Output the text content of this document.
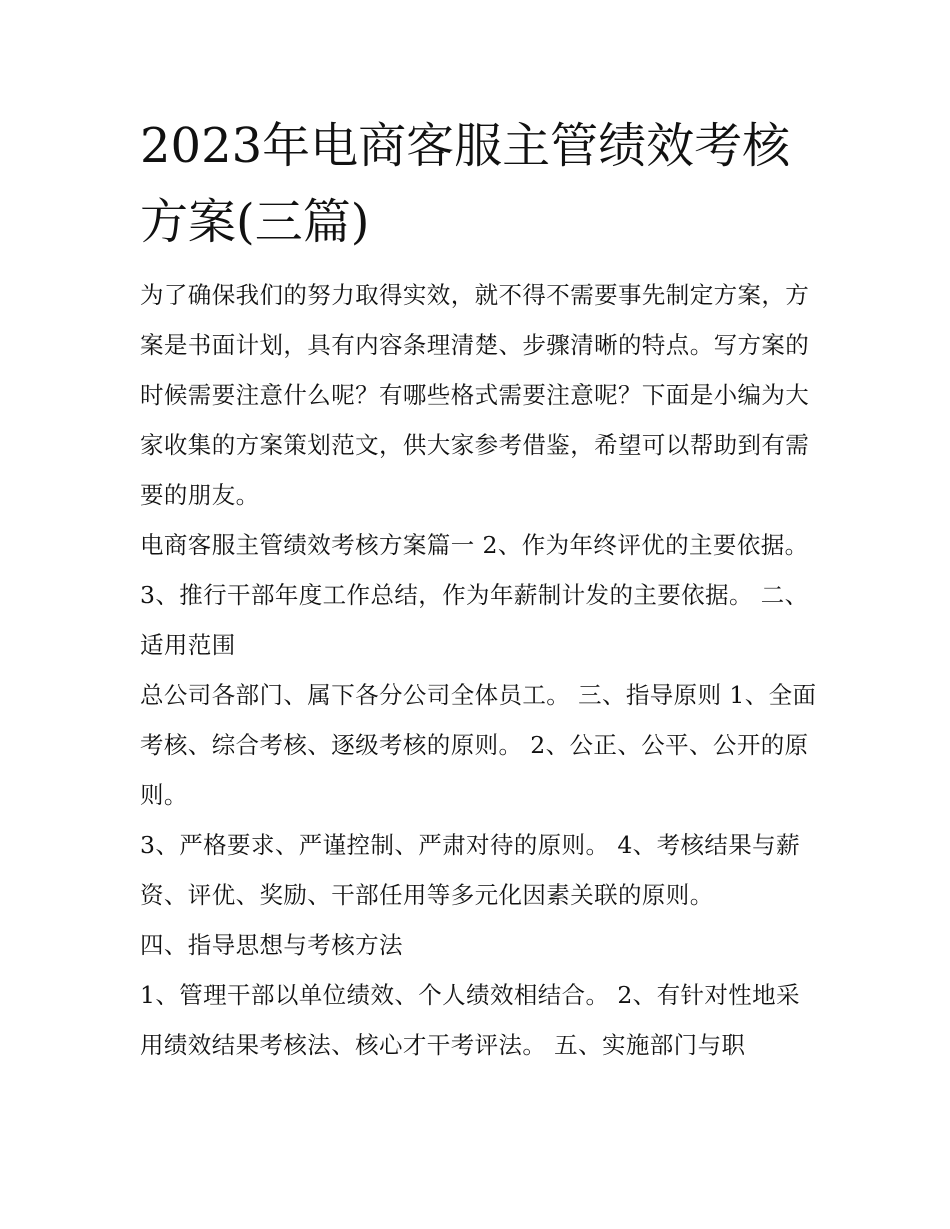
2023年电商客服主管绩效考核
方案(三篇)

为了确保我们的努力取得实效，就不得不需要事先制定方案，方案是书面计划，具有内容条理清楚、步骤清晰的特点。写方案的时候需要注意什么呢？有哪些格式需要注意呢？下面是小编为大家收集的方案策划范文，供大家参考借鉴，希望可以帮助到有需要的朋友。

电商客服主管绩效考核方案篇一 2、作为年终评优的主要依据。 3、推行干部年度工作总结，作为年薪制计发的主要依据。 二、适用范围

总公司各部门、属下各分公司全体员工。 三、指导原则 1、全面考核、综合考核、逐级考核的原则。 2、公正、公平、公开的原则。

3、严格要求、严谨控制、严肃对待的原则。 4、考核结果与薪资、评优、奖励、干部任用等多元化因素关联的原则。

四、指导思想与考核方法

1、管理干部以单位绩效、个人绩效相结合。 2、有针对性地采用绩效结果考核法、核心才干考评法。 五、实施部门与职
